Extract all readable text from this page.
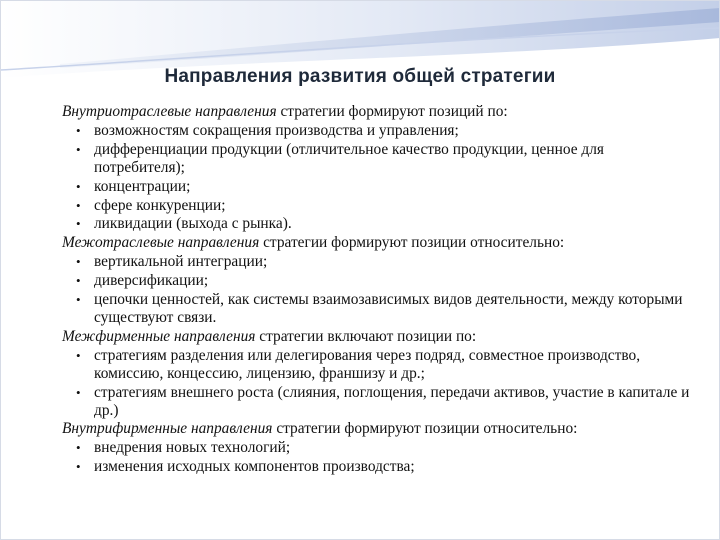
Направления развития общей стратегии

Внутриотраслевые направления стратегии формируют позиций по:

• возможностям сокращения производства и управления;
• дифференциации продукции (отличительное качество продукции, ценное для потребителя);
• концентрации;
• сфере конкуренции;
• ликвидации (выхода с рынка).

Межотраслевые направления стратегии формируют позиции относительно:

• вертикальной интеграции;
• диверсификации;
• цепочки ценностей, как системы взаимозависимых видов деятельности, между которыми существуют связи.

Межфирменные направления стратегии включают позиции по:

• стратегиям разделения или делегирования через подряд, совместное производство, комиссию, концессию, лицензию, франшизу и др.;
• стратегиям внешнего роста (слияния, поглощения, передачи активов, участие в капитале и др.)

Внутрифирменные направления стратегии формируют позиции относительно:

• внедрения новых технологий;
• изменения исходных компонентов производства;
